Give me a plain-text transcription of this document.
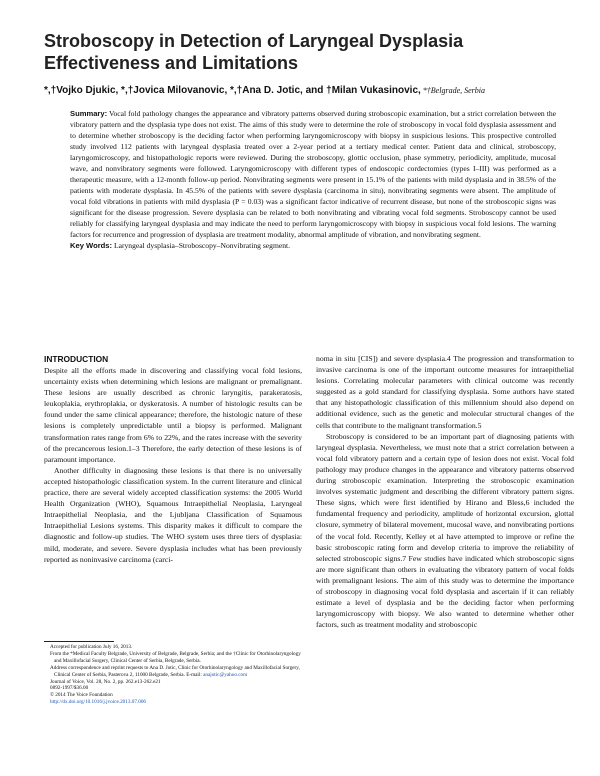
Stroboscopy in Detection of Laryngeal Dysplasia
Effectiveness and Limitations
*,†Vojko Djukic, *,†Jovica Milovanovic, *,†Ana D. Jotic, and †Milan Vukasinovic, *†Belgrade, Serbia
Summary: Vocal fold pathology changes the appearance and vibratory patterns observed during stroboscopic examination, but a strict correlation between the vibratory pattern and the dysplasia type does not exist. The aims of this study were to determine the role of stroboscopy in vocal fold dysplasia assessment and to determine whether stroboscopy is the deciding factor when performing laryngomicroscopy with biopsy in suspicious lesions. This prospective controlled study involved 112 patients with laryngeal dysplasia treated over a 2-year period at a tertiary medical center. Patient data and clinical, stroboscopy, laryngomicroscopy, and histopathologic reports were reviewed. During the stroboscopy, glottic occlusion, phase symmetry, periodicity, amplitude, mucosal wave, and nonvibratory segments were followed. Laryngomicroscopy with different types of endoscopic cordectomies (types I–III) was performed as a therapeutic measure, with a 12-month follow-up period. Nonvibrating segments were present in 15.1% of the patients with mild dysplasia and in 38.5% of the patients with moderate dysplasia. In 45.5% of the patients with severe dysplasia (carcinoma in situ), nonvibrating segments were absent. The amplitude of vocal fold vibrations in patients with mild dysplasia (P = 0.03) was a significant factor indicative of recurrent disease, but none of the stroboscopic signs was significant for the disease progression. Severe dysplasia can be related to both nonvibrating and vibrating vocal fold segments. Stroboscopy cannot be used reliably for classifying laryngeal dysplasia and may indicate the need to perform laryngomicroscopy with biopsy in suspicious vocal fold lesions. The warning factors for recurrence and progression of dysplasia are treatment modality, abnormal amplitude of vibration, and nonvibrating segment.
Key Words: Laryngeal dysplasia–Stroboscopy–Nonvibrating segment.
INTRODUCTION

Despite all the efforts made in discovering and classifying vocal fold lesions, uncertainty exists when determining which lesions are malignant or premalignant. These lesions are usually described as chronic laryngitis, parakeratosis, leukoplakia, erythroplakia, or dyskeratosis. A number of histologic results can be found under the same clinical appearance; therefore, the histologic nature of these lesions is completely unpredictable until a biopsy is performed. Malignant transformation rates range from 6% to 22%, and the rates increase with the severity of the precancerous lesion.1–3 Therefore, the early detection of these lesions is of paramount importance.

Another difficulty in diagnosing these lesions is that there is no universally accepted histopathologic classification system. In the current literature and clinical practice, there are several widely accepted classification systems: the 2005 World Health Organization (WHO), Squamous Intraepithelial Neoplasia, Laryngeal Intraepithelial Neoplasia, and the Ljubljana Classification of Squamous Intraepithelial Lesions systems. This disparity makes it difficult to compare the diagnostic and follow-up studies. The WHO system uses three tiers of dysplasia: mild, moderate, and severe. Severe dysplasia includes what has been previously reported as noninvasive carcinoma (carci-

noma in situ [CIS]) and severe dysplasia.4 The progression and transformation to invasive carcinoma is one of the important outcome measures for intraepithelial lesions. Correlating molecular parameters with clinical outcome was recently suggested as a gold standard for classifying dysplasia. Some authors have stated that any histopathologic classification of this millennium should also depend on additional evidence, such as the genetic and molecular structural changes of the cells that contribute to the malignant transformation.5

Stroboscopy is considered to be an important part of diagnosing patients with laryngeal dysplasia. Nevertheless, we must note that a strict correlation between a vocal fold vibratory pattern and a certain type of lesion does not exist. Vocal fold pathology may produce changes in the appearance and vibratory patterns observed during stroboscopic examination. Interpreting the stroboscopic examination involves systematic judgment and describing the different vibratory pattern signs. These signs, which were first identified by Hirano and Bless,6 included the fundamental frequency and periodicity, amplitude of horizontal excursion, glottal closure, symmetry of bilateral movement, mucosal wave, and nonvibrating portions of the vocal fold. Recently, Kelley et al have attempted to improve or refine the basic stroboscopic rating form and develop criteria to improve the reliability of selected stroboscopic signs.7 Few studies have indicated which stroboscopic signs are more significant than others in evaluating the vibratory pattern of vocal folds with premalignant lesions. The aim of this study was to determine the importance of stroboscopy in diagnosing vocal fold dysplasia and ascertain if it can reliably estimate a level of dysplasia and be the deciding factor when performing laryngomicroscopy with biopsy. We also wanted to determine whether other factors, such as treatment modality and stroboscopic

Accepted for publication July 16, 2013.
From the *Medical Faculty Belgrade, University of Belgrade, Belgrade, Serbia; and the †Clinic for Otorhinolaryngology and Maxillofacial Surgery, Clinical Center of Serbia, Belgrade, Serbia.
Address correspondence and reprint requests to Ana D. Jotic, Clinic for Otorhinolaryngology and Maxillofacial Surgery, Clinical Center of Serbia, Pasterova 2, 11000 Belgrade, Serbia. E-mail: anajotic@yahoo.com
Journal of Voice, Vol. 28, No. 2, pp. 262.e13-262.e21
0892-1997/$36.00
© 2014 The Voice Foundation
http://dx.doi.org/10.1016/j.jvoice.2013.07.006
